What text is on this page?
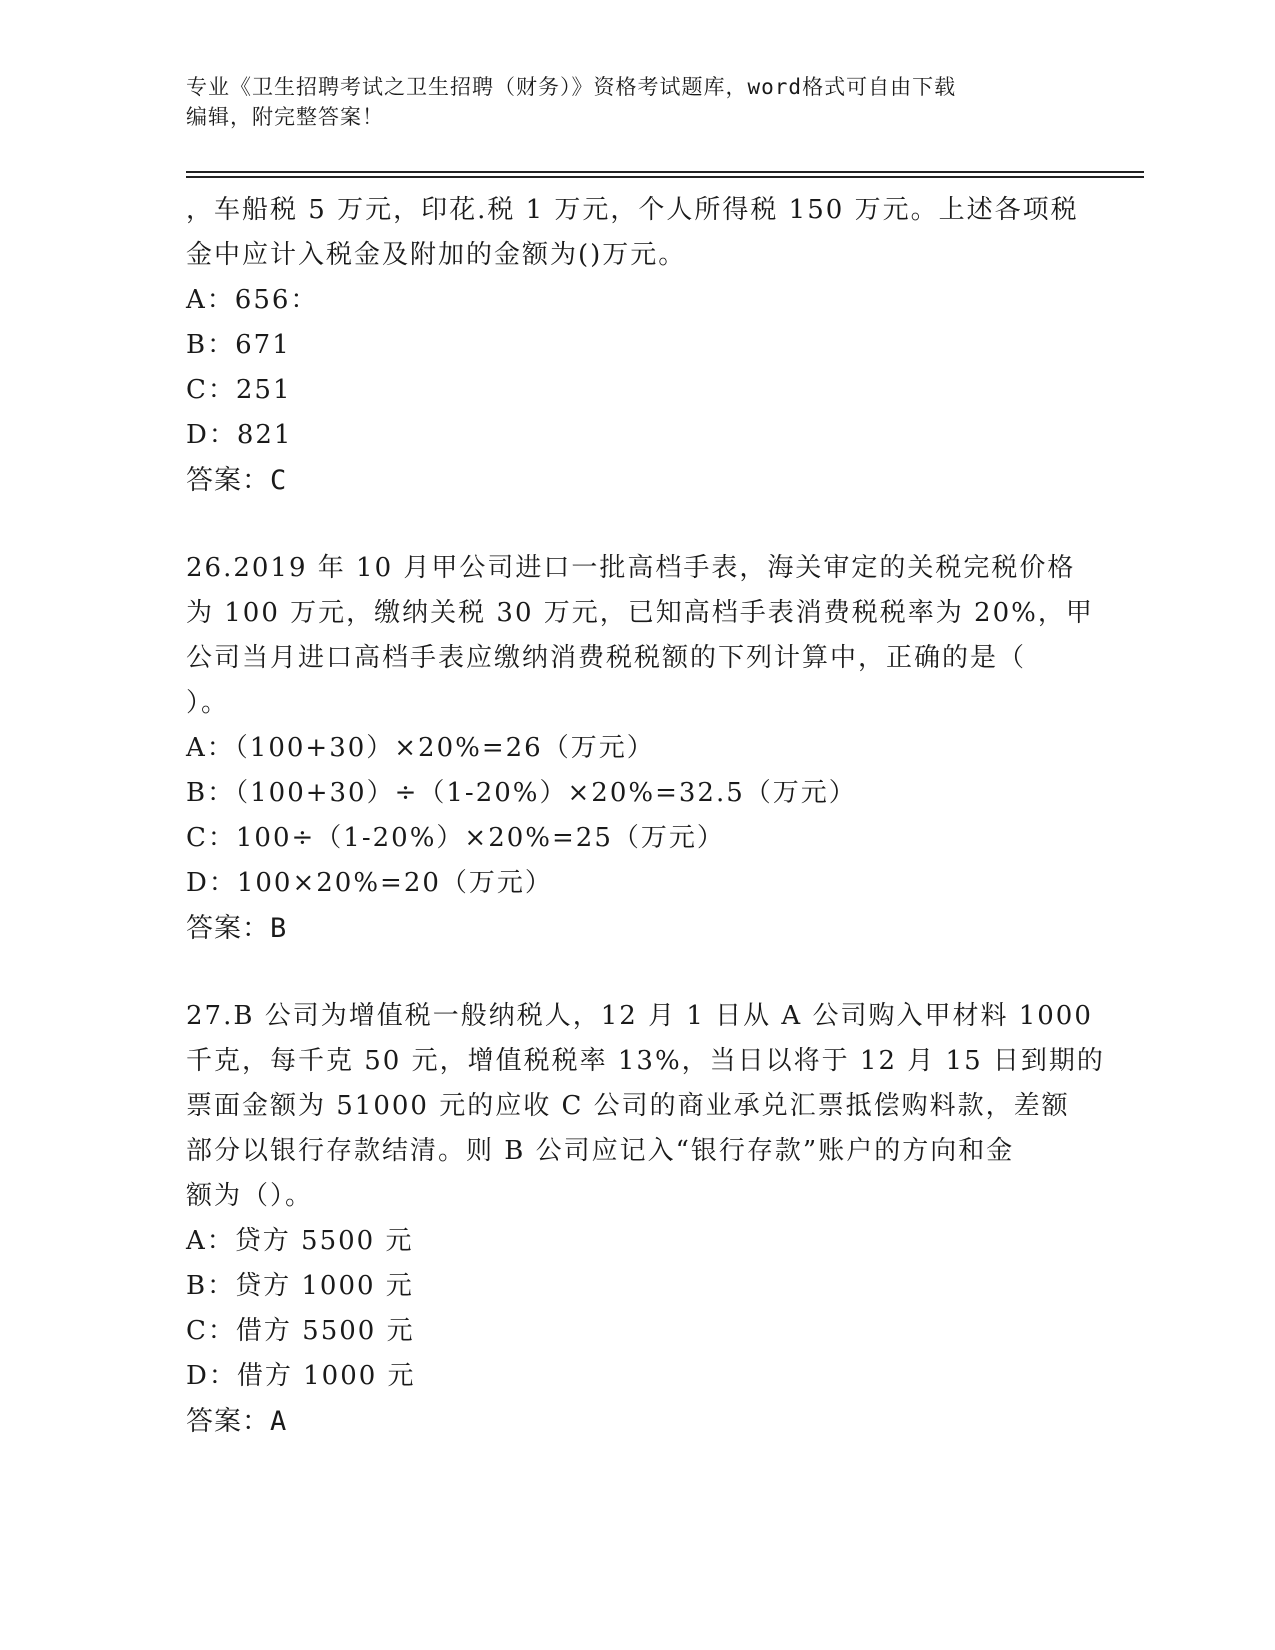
专业《卫生招聘考试之卫生招聘（财务）》资格考试题库，word格式可自由下载
编辑，附完整答案！
，车船税 5 万元，印花.税 1 万元，个人所得税 150 万元。上述各项税
金中应计入税金及附加的金额为()万元。
A：656：
B：671
C：251
D：821
答案：C
26.2019 年 10 月甲公司进口一批高档手表，海关审定的关税完税价格
为 100 万元，缴纳关税 30 万元，已知高档手表消费税税率为 20%，甲
公司当月进口高档手表应缴纳消费税税额的下列计算中，正确的是（
）。
A：（100+30）×20%=26（万元）
B：（100+30）÷（1-20%）×20%=32.5（万元）
C：100÷（1-20%）×20%=25（万元）
D：100×20%=20（万元）
答案：B
27.B 公司为增值税一般纳税人，12 月 1 日从 A 公司购入甲材料 1000
千克，每千克 50 元，增值税税率 13%，当日以将于 12 月 15 日到期的
票面金额为 51000 元的应收 C 公司的商业承兑汇票抵偿购料款，差额
部分以银行存款结清。则 B 公司应记入“银行存款”账户的方向和金
额为（）。
A：贷方 5500 元
B：贷方 1000 元
C：借方 5500 元
D：借方 1000 元
答案：A
